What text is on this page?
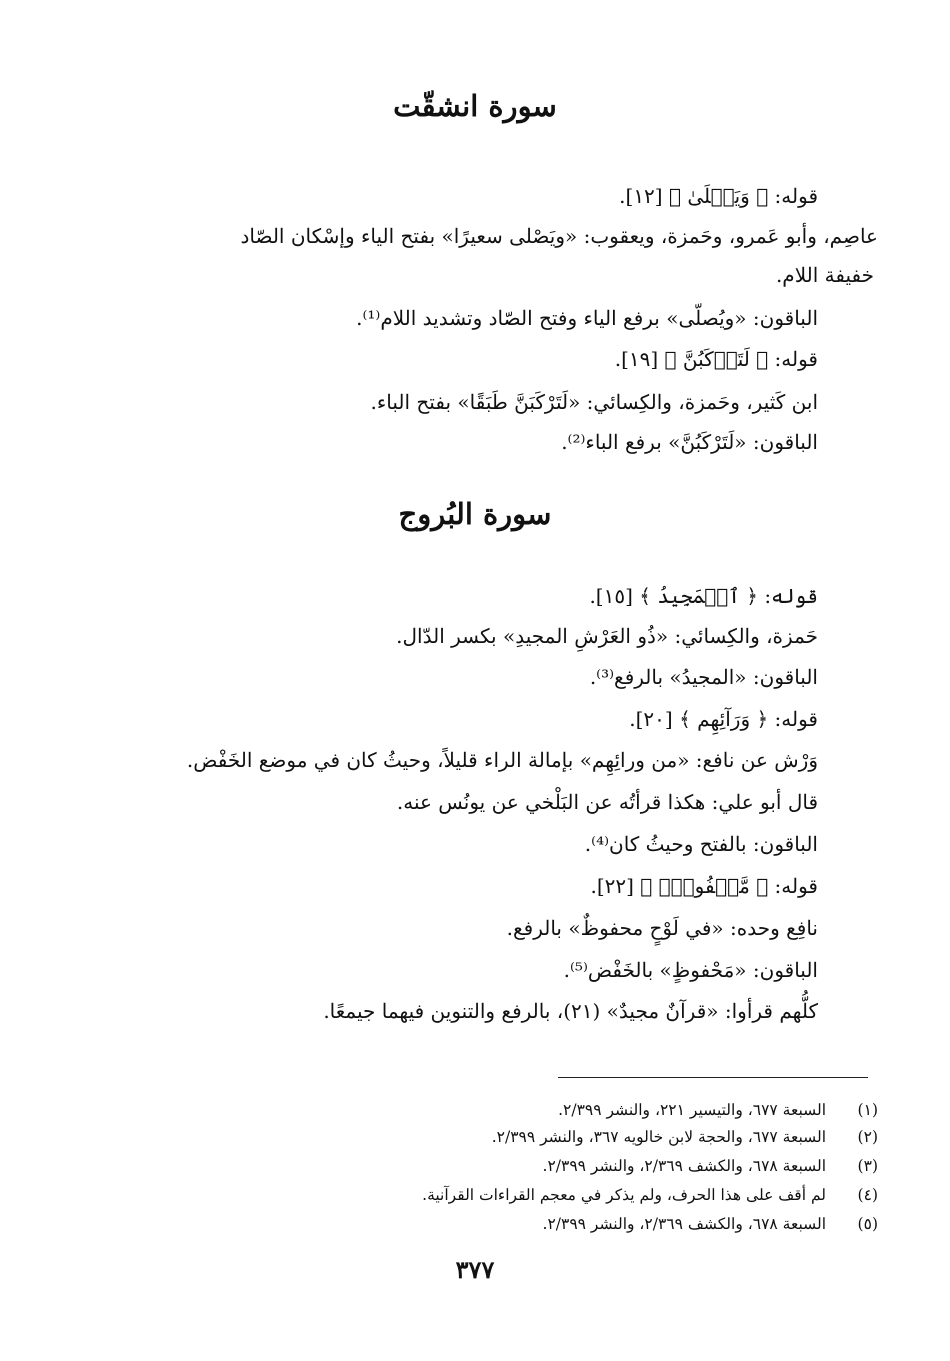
سورة انشقّت
قوله: ﴿ وَيَصۡلَىٰ ﴾ [١٢].
عاصِم، وأبو عَمرو، وحَمزة، ويعقوب: «ويَصْلى سعيرًا» بفتح الياء وإسْكان الصّاد
خفيفة اللام.
الباقون: «ويُصلّى» برفع الياء وفتح الصّاد وتشديد اللام⁽¹⁾.
قوله: ﴿ لَتَرۡكَبُنَّ ﴾ [١٩].
ابن كَثير، وحَمزة، والكِسائي: «لَتَرْكَبَنَّ طَبَقًا» بفتح الباء.
الباقون: «لَتَرْكَبُنَّ» برفع الباء⁽²⁾.
سورة البُروج
قوله: ﴿ ٱلۡمَجِيدُ ﴾ [١٥].
حَمزة، والكِسائي: «ذُو العَرْشِ المجيدِ» بكسر الدّال.
الباقون: «المجيدُ» بالرفع⁽³⁾.
قوله: ﴿ وَرَآئِهِم ﴾ [٢٠].
وَرْش عن نافع: «من ورائِهِم» بإمالة الراء قليلاً، وحيثُ كان في موضع الخَفْض.
قال أبو علي: هكذا قرأتُه عن البَلْخي عن يونُس عنه.
الباقون: بالفتح وحيثُ كان⁽⁴⁾.
قوله: ﴿ مَّحۡفُوظِۭ ﴾ [٢٢].
نافِع وحده: «في لَوْحٍ محفوظٌ» بالرفع.
الباقون: «مَحْفوظٍ» بالخَفْض⁽⁵⁾.
كلُّهم قرأوا: «قرآنٌ مجيدٌ» (٢١)، بالرفع والتنوين فيهما جيمعًا.
(١)السبعة ٦٧٧، والتيسير ٢٢١، والنشر ٢/٣٩٩.
(٢)السبعة ٦٧٧، والحجة لابن خالويه ٣٦٧، والنشر ٢/٣٩٩.
(٣)السبعة ٦٧٨، والكشف ٢/٣٦٩، والنشر ٢/٣٩٩.
(٤)لم أقف على هذا الحرف، ولم يذكر في معجم القراءات القرآنية.
(٥)السبعة ٦٧٨، والكشف ٢/٣٦٩، والنشر ٢/٣٩٩.
٣٧٧
